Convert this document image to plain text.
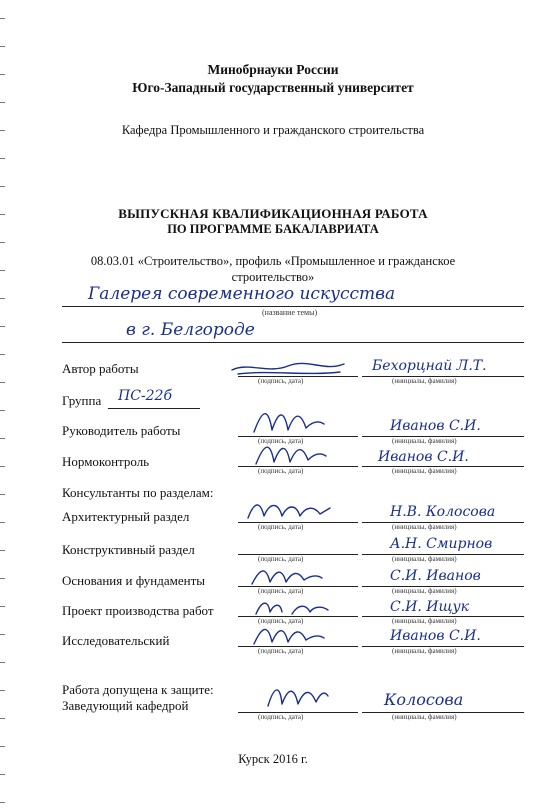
Минобрнауки России
Юго-Западный государственный университет
Кафедра Промышленного и гражданского строительства
ВЫПУСКНАЯ КВАЛИФИКАЦИОННАЯ РАБОТА
ПО ПРОГРАММЕ БАКАЛАВРИАТА
08.03.01 «Строительство», профиль «Промышленное и гражданское
строительство»
Галерея современного искусства
(название темы)
в г. Белгороде
Автор работы
(подпись, дата)
Бехорцнай Л.Т.
(инициалы, фамилия)
Группа ПС-22б
Руководитель работы
(подпись, дата)
Иванов С.И.
(инициалы, фамилия)
Нормоконтроль
(подпись, дата)
Иванов С.И.
(инициалы, фамилия)
Консультанты по разделам:
Архитектурный раздел
(подпись, дата)
Н.В. Колосова
(инициалы, фамилия)
Конструктивный раздел
(подпись, дата)
А.Н. Смирнов
(инициалы, фамилия)
Основания и фундаменты
(подпись, дата)
С.И. Иванов
(инициалы, фамилия)
Проект производства работ
(подпись, дата)
С.И. Ищук
(инициалы, фамилия)
Исследовательский
(подпись, дата)
Иванов С.И.
(инициалы, фамилия)
Работа допущена к защите:
Заведующий кафедрой
(подпись, дата)
Колосова
(инициалы, фамилия)
Курск 2016 г.
